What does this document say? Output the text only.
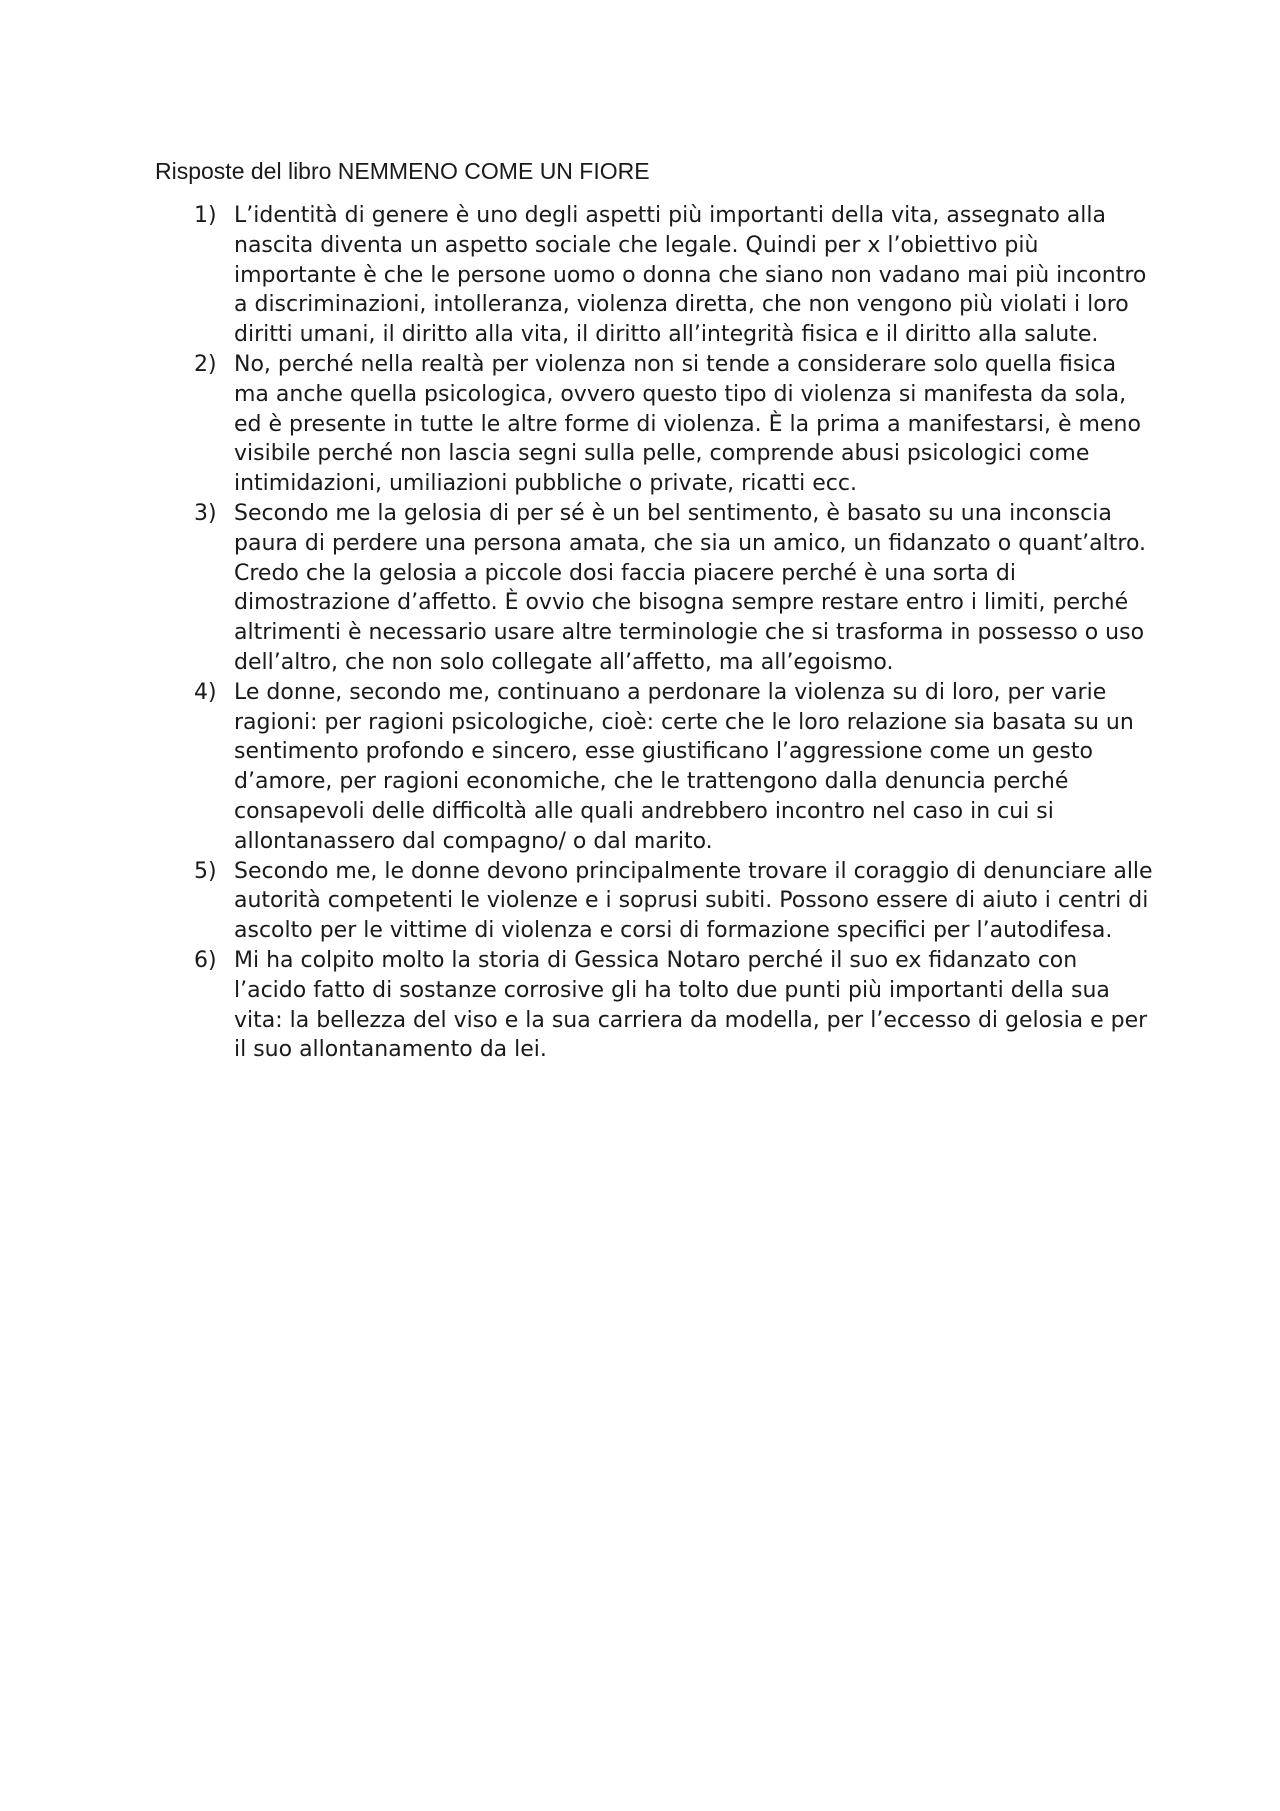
Risposte del libro NEMMENO COME UN FIORE
1) L’identità di genere è uno degli aspetti più importanti della vita, assegnato alla nascita diventa un aspetto sociale che legale. Quindi per x l’obiettivo più importante è che le persone uomo o donna che siano non vadano mai più incontro a discriminazioni, intolleranza, violenza diretta, che non vengono più violati i loro diritti umani, il diritto alla vita, il diritto all’integrità fisica e il diritto alla salute.
2) No, perché nella realtà per violenza non si tende a considerare solo quella fisica ma anche quella psicologica, ovvero questo tipo di violenza si manifesta da sola, ed è presente in tutte le altre forme di violenza. È la prima a manifestarsi, è meno visibile perché non lascia segni sulla pelle, comprende abusi psicologici come intimidazioni, umiliazioni pubbliche o private, ricatti ecc.
3) Secondo me la gelosia di per sé è un bel sentimento, è basato su una inconscia paura di perdere una persona amata, che sia un amico, un fidanzato o quant’altro. Credo che la gelosia a piccole dosi faccia piacere perché è una sorta di dimostrazione d’affetto. È ovvio che bisogna sempre restare entro i limiti, perché altrimenti è necessario usare altre terminologie che si trasforma in possesso o uso dell’altro, che non solo collegate all’affetto, ma all’egoismo.
4) Le donne, secondo me, continuano a perdonare la violenza su di loro, per varie ragioni: per ragioni psicologiche, cioè: certe che le loro relazione sia basata su un sentimento profondo e sincero, esse giustificano l’aggressione come un gesto d’amore, per ragioni economiche, che le trattengono dalla denuncia perché consapevoli delle difficoltà alle quali andrebbero incontro nel caso in cui si allontanassero dal compagno/ o dal marito.
5) Secondo me, le donne devono principalmente trovare il coraggio di denunciare alle autorità competenti le violenze e i soprusi subiti. Possono essere di aiuto i centri di ascolto per le vittime di violenza e corsi di formazione specifici per l’autodifesa.
6) Mi ha colpito molto la storia di Gessica Notaro perché il suo ex fidanzato con l’acido fatto di sostanze corrosive gli ha tolto due punti più importanti della sua vita: la bellezza del viso e la sua carriera da modella, per l’eccesso di gelosia e per il suo allontanamento da lei.
